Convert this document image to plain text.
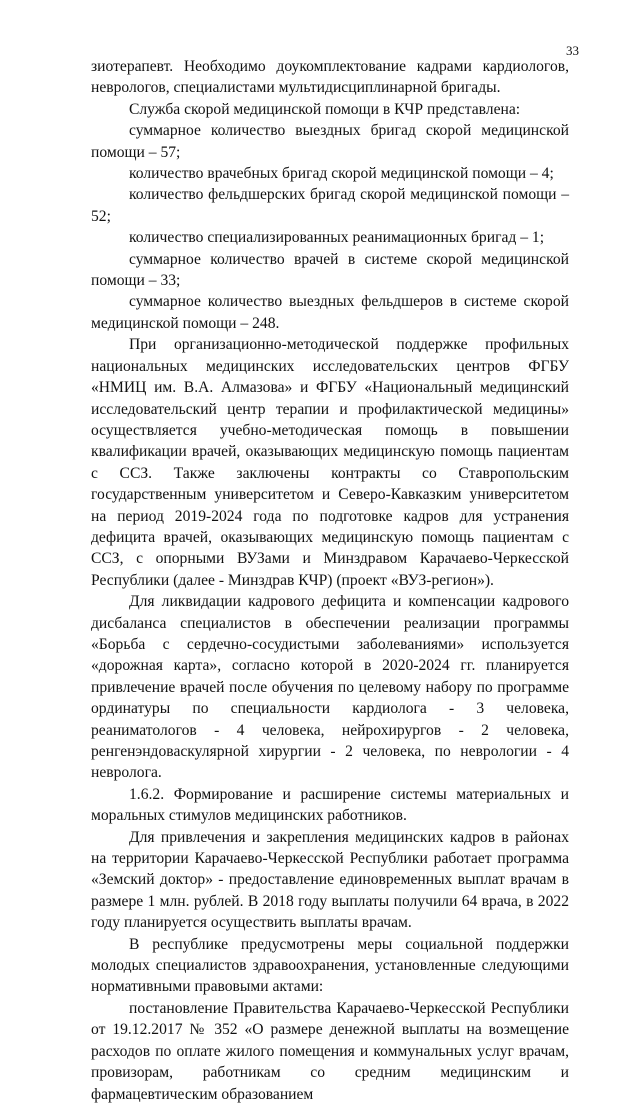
33

зиотерапевт. Необходимо доукомплектование кадрами кардиологов, неврологов, специалистами мультидисциплинарной бригады.

Служба скорой медицинской помощи в КЧР представлена:

суммарное количество выездных бригад скорой медицинской помощи – 57;

количество врачебных бригад скорой медицинской помощи – 4;

количество фельдшерских бригад скорой медицинской помощи – 52;

количество специализированных реанимационных бригад – 1;

суммарное количество врачей в системе скорой медицинской помощи – 33;

суммарное количество выездных фельдшеров в системе скорой медицинской помощи – 248.

При организационно-методической поддержке профильных национальных медицинских исследовательских центров ФГБУ «НМИЦ им. В.А. Алмазова» и ФГБУ «Национальный медицинский исследовательский центр терапии и профилактической медицины» осуществляется учебно-методическая помощь в повышении квалификации врачей, оказывающих медицинскую помощь пациентам с ССЗ. Также заключены контракты со Ставропольским государственным университетом и Северо-Кавказким университетом на период 2019-2024 года по подготовке кадров для устранения дефицита врачей, оказывающих медицинскую помощь пациентам с ССЗ, с опорными ВУЗами и Минздравом Карачаево-Черкесской Республики (далее - Минздрав КЧР) (проект «ВУЗ-регион»).

Для ликвидации кадрового дефицита и компенсации кадрового дисбаланса специалистов в обеспечении реализации программы «Борьба с сердечно-сосудистыми заболеваниями» используется «дорожная карта», согласно которой в 2020-2024 гг. планируется привлечение врачей после обучения по целевому набору по программе ординатуры по специальности кардиолога - 3 человека, реаниматологов - 4 человека, нейрохирургов - 2 человека, ренгенэндоваскулярной хирургии - 2 человека, по неврологии - 4 невролога.

1.6.2. Формирование и расширение системы материальных и моральных стимулов медицинских работников.

Для привлечения и закрепления медицинских кадров в районах на территории Карачаево-Черкесской Республики работает программа «Земский доктор» - предоставление единовременных выплат врачам в размере 1 млн. рублей. В 2018 году выплаты получили 64 врача, в 2022 году планируется осуществить выплаты врачам.

В республике предусмотрены меры социальной поддержки молодых специалистов здравоохранения, установленные следующими нормативными правовыми актами:

постановление Правительства Карачаево-Черкесской Республики от 19.12.2017 № 352 «О размере денежной выплаты на возмещение расходов по оплате жилого помещения и коммунальных услуг врачам, провизорам, работникам со средним медицинским и фармацевтическим образованием
